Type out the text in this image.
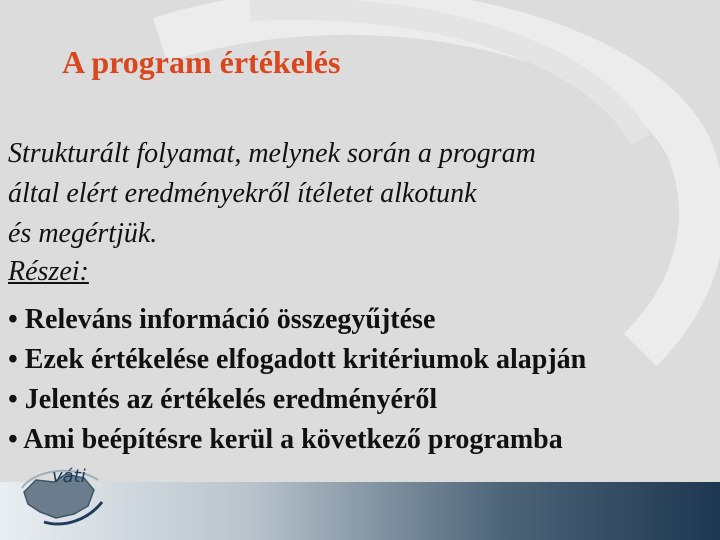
A program értékelés
Strukturált folyamat, melynek során a program
által elért eredményekről ítéletet alkotunk
és megértjük.
Részei:
• Releváns információ összegyűjtése
• Ezek értékelése elfogadott kritériumok alapján
• Jelentés az értékelés eredményéről
• Ami beépítésre kerül a következő programba
váti
